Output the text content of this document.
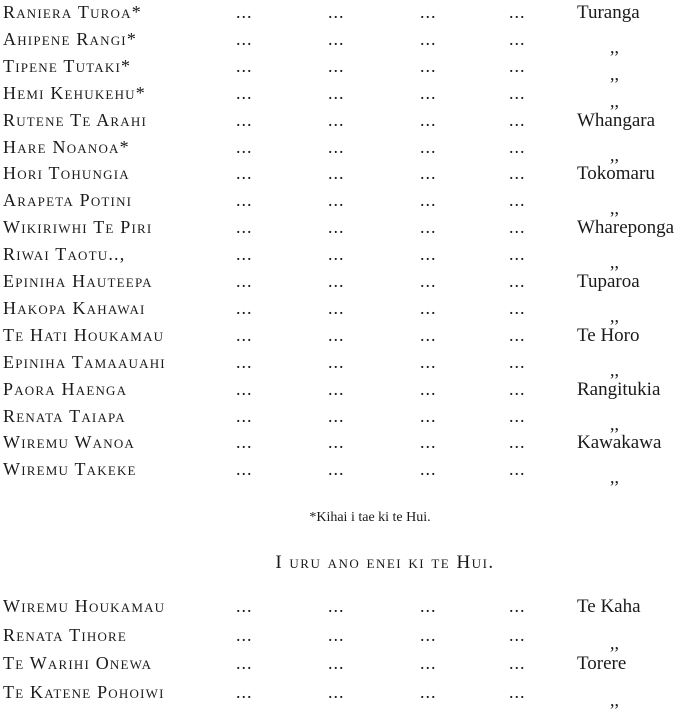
Raniera Turoa*	...	...	...	...	Turanga
Ahipene Rangi*	...	...	...	...	,,
Tipene Tutaki*	...	...	...	...	,,
Hemi Kehukehu*	...	...	...	...	,,
Rutene Te Arahi	...	...	...	...	Whangara
Hare Noanoa*	...	...	...	...	,,
Hori Tohungia	...	...	...	...	Tokomaru
Arapeta Potini	...	...	...	...	,,
Wikiriwhi Te Piri	...	...	...	...	Whareponga
Riwai Taotu..,	...	...	...	...	,,
Epiniha Hauteepa	...	...	...	...	Tuparoa
Hakopa Kahawai	...	...	...	...	,,
Te Hati Houkamau	...	...	...	...	Te Horo
Epiniha Tamaauahi	...	...	...	...	,,
Paora Haenga	...	...	...	...	Rangitukia
Renata Taiapa	...	...	...	...	,,
Wiremu Wanoa	...	...	...	...	Kawakawa
Wiremu Takeke	...	...	...	...	,,
*Kihai i tae ki te Hui.
I uru ano enei ki te Hui.
Wiremu Houkamau	...	...	...	...	Te Kaha
Renata Tihore	...	...	...	...	,,
Te Warihi Onewa	...	...	...	...	Torere
Te Katene Pohoiwi	...	...	...	...	,,
